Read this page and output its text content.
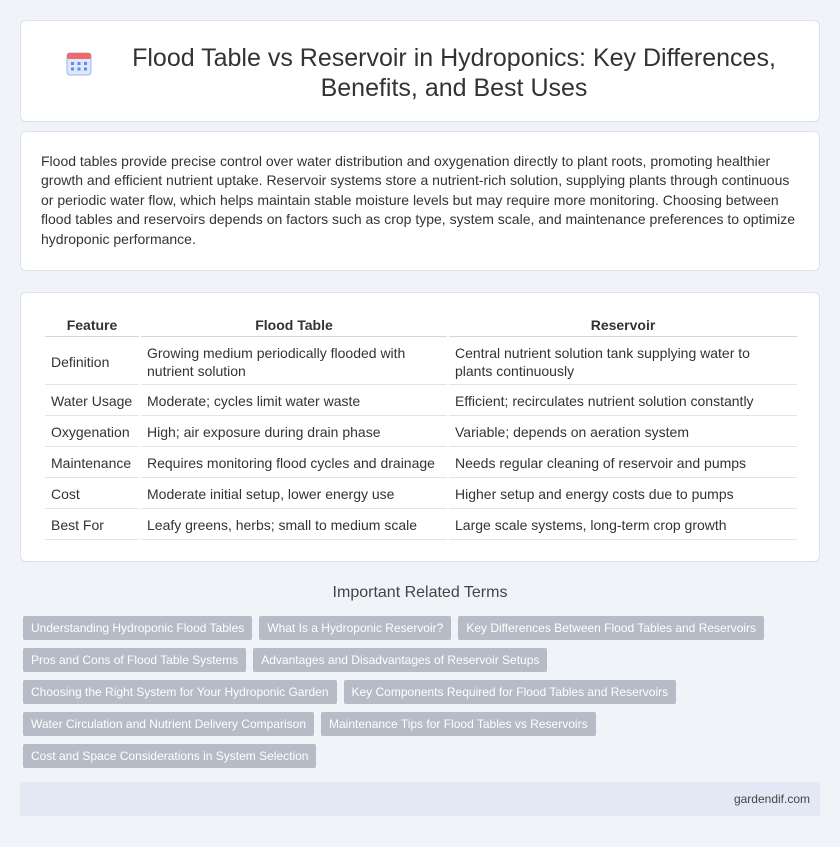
Flood Table vs Reservoir in Hydroponics: Key Differences, Benefits, and Best Uses

Flood tables provide precise control over water distribution and oxygenation directly to plant roots, promoting healthier growth and efficient nutrient uptake. Reservoir systems store a nutrient-rich solution, supplying plants through continuous or periodic water flow, which helps maintain stable moisture levels but may require more monitoring. Choosing between flood tables and reservoirs depends on factors such as crop type, system scale, and maintenance preferences to optimize hydroponic performance.

Feature	Flood Table	Reservoir
Definition	Growing medium periodically flooded with nutrient solution	Central nutrient solution tank supplying water to plants continuously
Water Usage	Moderate; cycles limit water waste	Efficient; recirculates nutrient solution constantly
Oxygenation	High; air exposure during drain phase	Variable; depends on aeration system
Maintenance	Requires monitoring flood cycles and drainage	Needs regular cleaning of reservoir and pumps
Cost	Moderate initial setup, lower energy use	Higher setup and energy costs due to pumps
Best For	Leafy greens, herbs; small to medium scale	Large scale systems, long-term crop growth
Important Related Terms
Understanding Hydroponic Flood Tables	What Is a Hydroponic Reservoir?	Key Differences Between Flood Tables and Reservoirs
Pros and Cons of Flood Table Systems	Advantages and Disadvantages of Reservoir Setups
Choosing the Right System for Your Hydroponic Garden	Key Components Required for Flood Tables and Reservoirs
Water Circulation and Nutrient Delivery Comparison	Maintenance Tips for Flood Tables vs Reservoirs
Cost and Space Considerations in System Selection
gardendif.com
